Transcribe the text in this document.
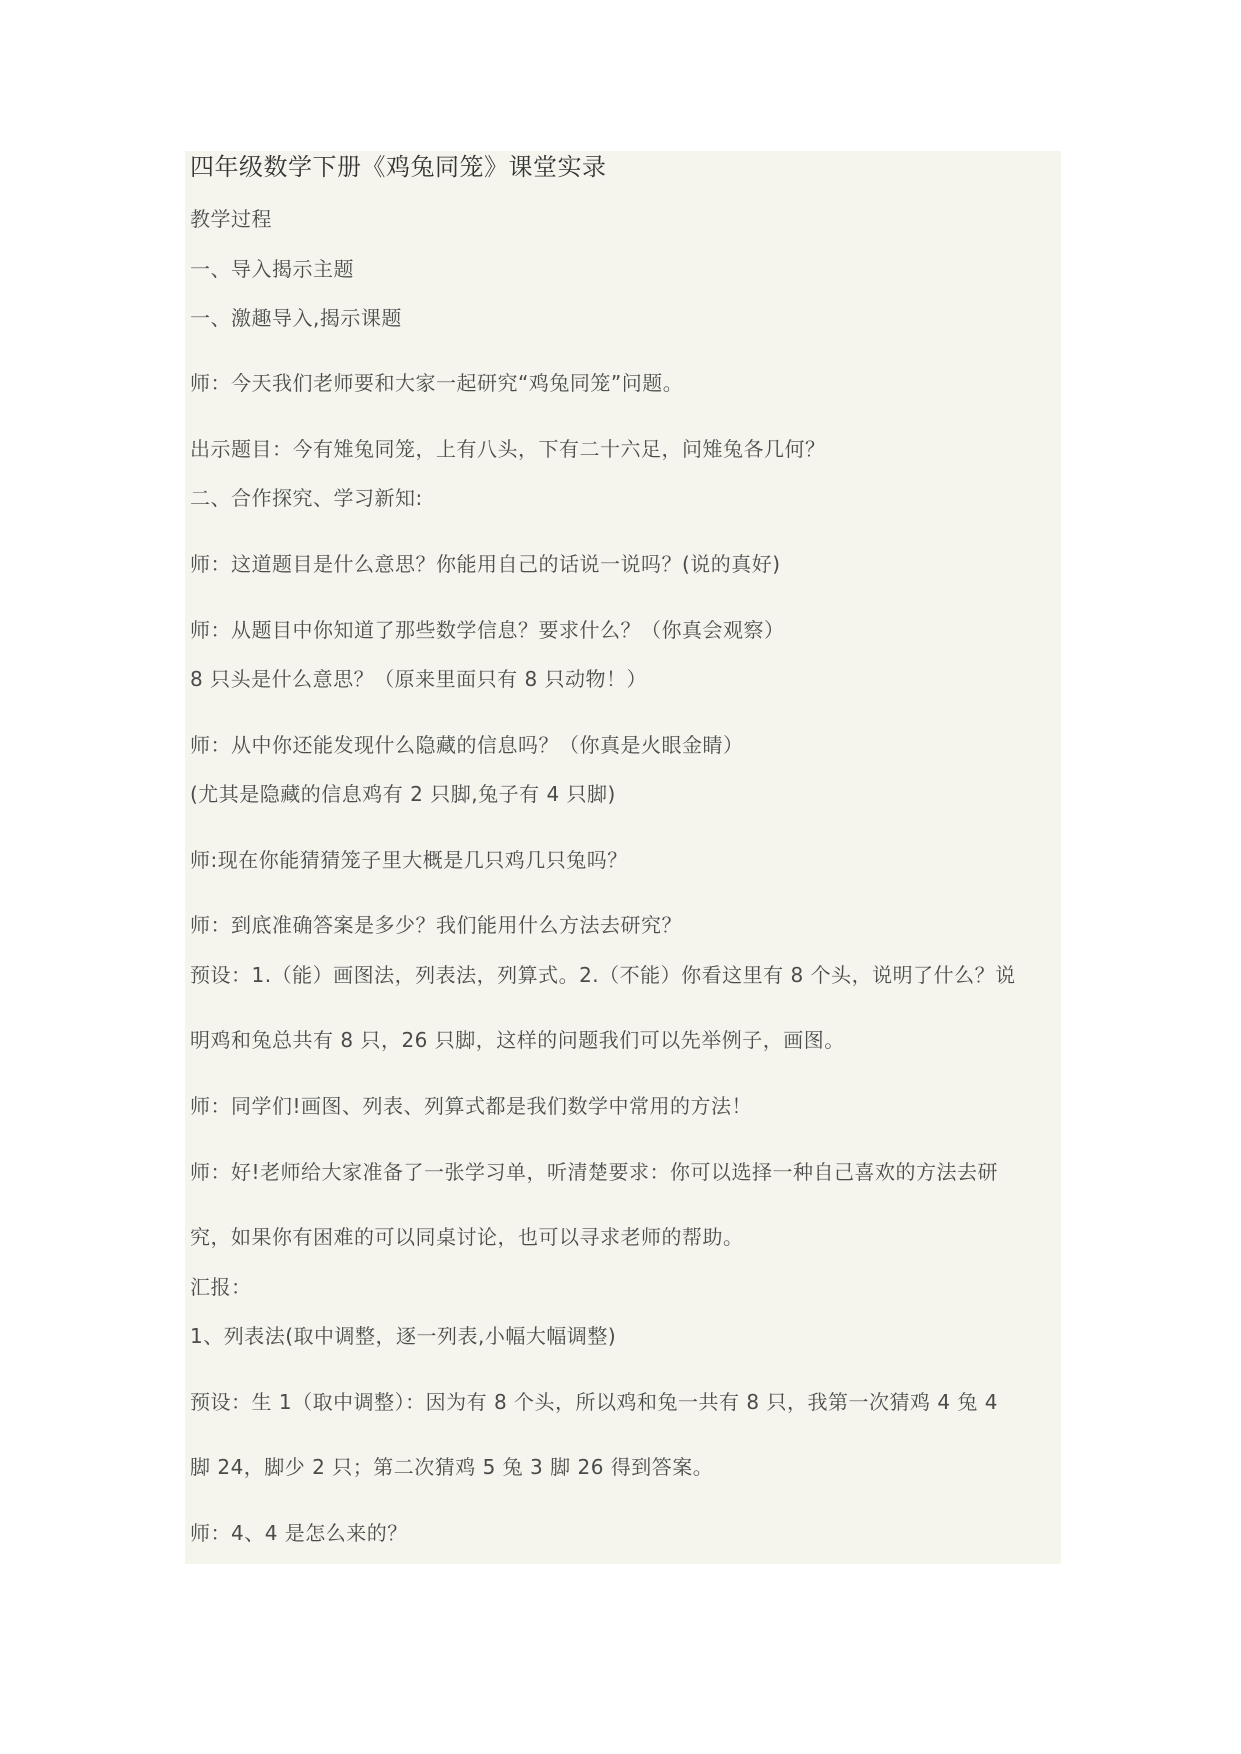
四年级数学下册《鸡兔同笼》课堂实录
教学过程
一、导入揭示主题
一、激趣导入,揭示课题
师：今天我们老师要和大家一起研究“鸡兔同笼”问题。
出示题目：今有雉兔同笼，上有八头，下有二十六足，问雉兔各几何？
二、合作探究、学习新知:
师：这道题目是什么意思？你能用自己的话说一说吗？(说的真好)
师：从题目中你知道了那些数学信息？要求什么？（你真会观察）
8 只头是什么意思？（原来里面只有 8 只动物！）
师：从中你还能发现什么隐藏的信息吗？（你真是火眼金睛）
(尤其是隐藏的信息鸡有 2 只脚,兔子有 4 只脚)
师:现在你能猜猜笼子里大概是几只鸡几只兔吗？
师：到底准确答案是多少？我们能用什么方法去研究？
预设：1.（能）画图法，列表法，列算式。2.（不能）你看这里有 8 个头，说明了什么？说
明鸡和兔总共有 8 只，26 只脚，这样的问题我们可以先举例子，画图。
师：同学们!画图、列表、列算式都是我们数学中常用的方法！
师：好!老师给大家准备了一张学习单，听清楚要求：你可以选择一种自己喜欢的方法去研
究，如果你有困难的可以同桌讨论，也可以寻求老师的帮助。
汇报：
1、列表法(取中调整，逐一列表,小幅大幅调整)
预设：生 1（取中调整）：因为有 8 个头，所以鸡和兔一共有 8 只，我第一次猜鸡 4 兔 4
脚 24，脚少 2 只；第二次猜鸡 5 兔 3 脚 26 得到答案。
师：4、4 是怎么来的？
